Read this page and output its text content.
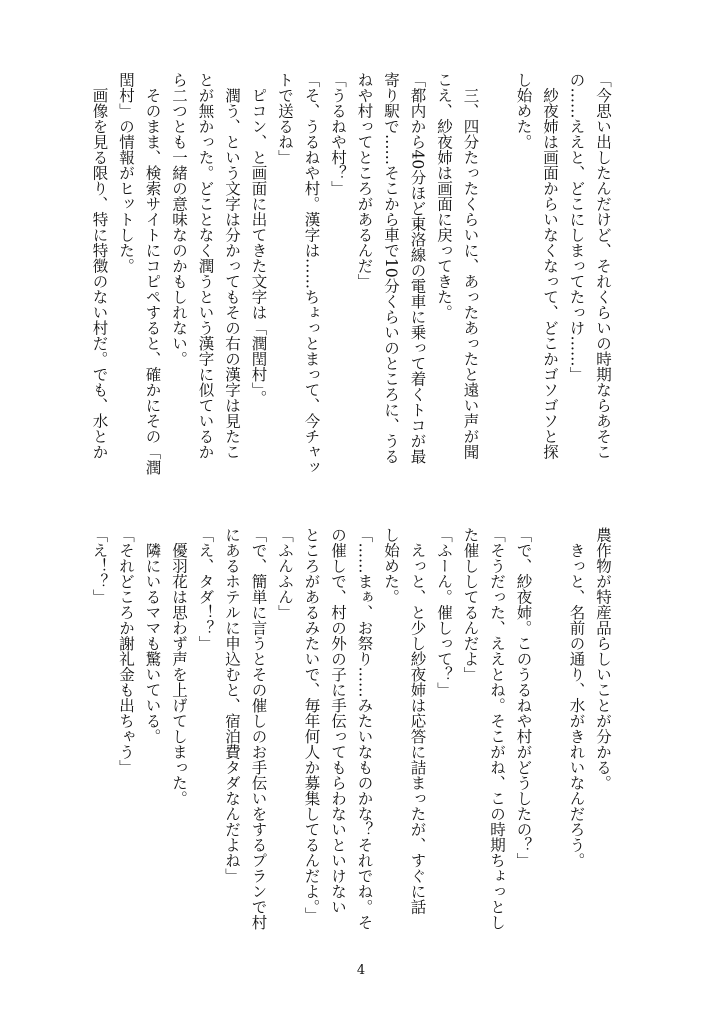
「今思い出したんだけど、それくらいの時期ならあそこ
の……ええと、どこにしまってたっけ……」
　紗夜姉は画面からいなくなって、どこかゴソゴソと探
し始めた。

　三、四分たったくらいに、あったあったと遠い声が聞
こえ、紗夜姉は画面に戻ってきた。
「都内から40分ほど東洛線の電車に乗って着くトコが最
寄り駅で……そこから車で10分くらいのところに、うる
ねや村ってところがあるんだ」
「うるねや村？」
「そ、うるねや村。漢字は……ちょっとまって、今チャッ
トで送るね」
　ピコン、と画面に出てきた文字は「潤閏村」。
　潤う、という文字は分かってもその右の漢字は見たこ
とが無かった。どことなく潤うという漢字に似ているか
ら二つとも一緒の意味なのかもしれない。
　そのまま、検索サイトにコピペすると、確かにその「潤
閏村」の情報がヒットした。
　画像を見る限り、特に特徴のない村だ。でも、水とか
農作物が特産品らしいことが分かる。
　きっと、名前の通り、水がきれいなんだろう。

「で、紗夜姉。このうるねや村がどうしたの？」
「そうだった、ええとね。そこがね、この時期ちょっとし
た催ししてるんだよ」
「ふーん。催しって？」
　えっと、と少し紗夜姉は応答に詰まったが、すぐに話
し始めた。
「……まぁ、お祭り……みたいなものかな？それでね。そ
の催しで、村の外の子に手伝ってもらわないといけない
ところがあるみたいで、毎年何人か募集してるんだよ。」
「ふんふん」
「で、簡単に言うとその催しのお手伝いをするプランで村
にあるホテルに申込むと、宿泊費タダなんだよね」
「え、タダ！？」
　優羽花は思わず声を上げてしまった。
　隣にいるママも驚いている。
「それどころか謝礼金も出ちゃう」
「え！？」
4
